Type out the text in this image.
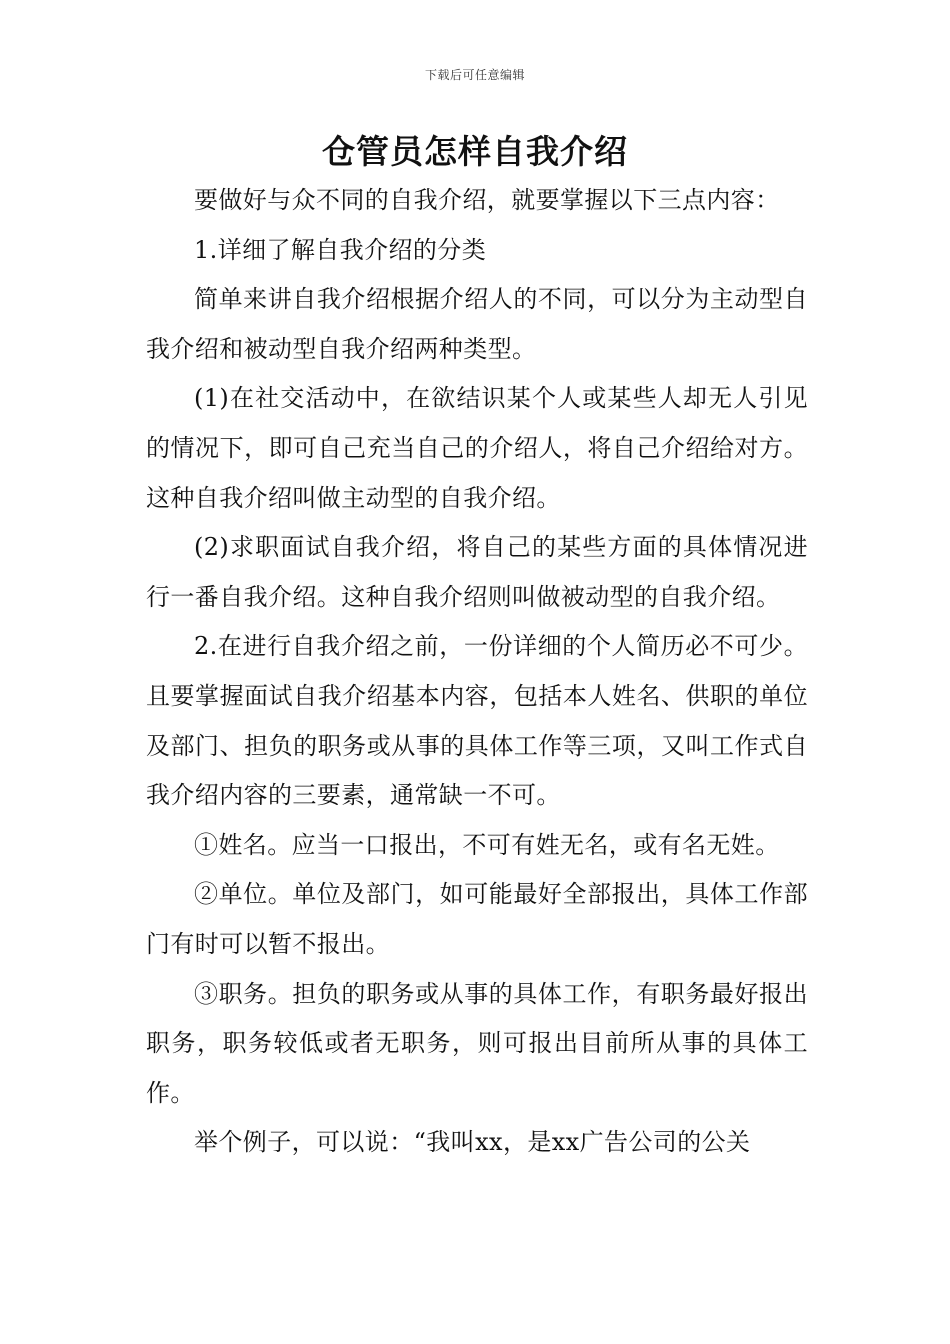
下载后可任意编辑
仓管员怎样自我介绍

要做好与众不同的自我介绍，就要掌握以下三点内容：

1.详细了解自我介绍的分类

简单来讲自我介绍根据介绍人的不同，可以分为主动型自我介绍和被动型自我介绍两种类型。

(1)在社交活动中，在欲结识某个人或某些人却无人引见的情况下，即可自己充当自己的介绍人，将自己介绍给对方。这种自我介绍叫做主动型的自我介绍。

(2)求职面试自我介绍，将自己的某些方面的具体情况进行一番自我介绍。这种自我介绍则叫做被动型的自我介绍。

2.在进行自我介绍之前，一份详细的个人简历必不可少。且要掌握面试自我介绍基本内容，包括本人姓名、供职的单位及部门、担负的职务或从事的具体工作等三项，又叫工作式自我介绍内容的三要素，通常缺一不可。

①姓名。应当一口报出，不可有姓无名，或有名无姓。

②单位。单位及部门，如可能最好全部报出，具体工作部门有时可以暂不报出。

③职务。担负的职务或从事的具体工作，有职务最好报出职务，职务较低或者无职务，则可报出目前所从事的具体工作。

举个例子，可以说：“我叫xx，是xx广告公司的公关
